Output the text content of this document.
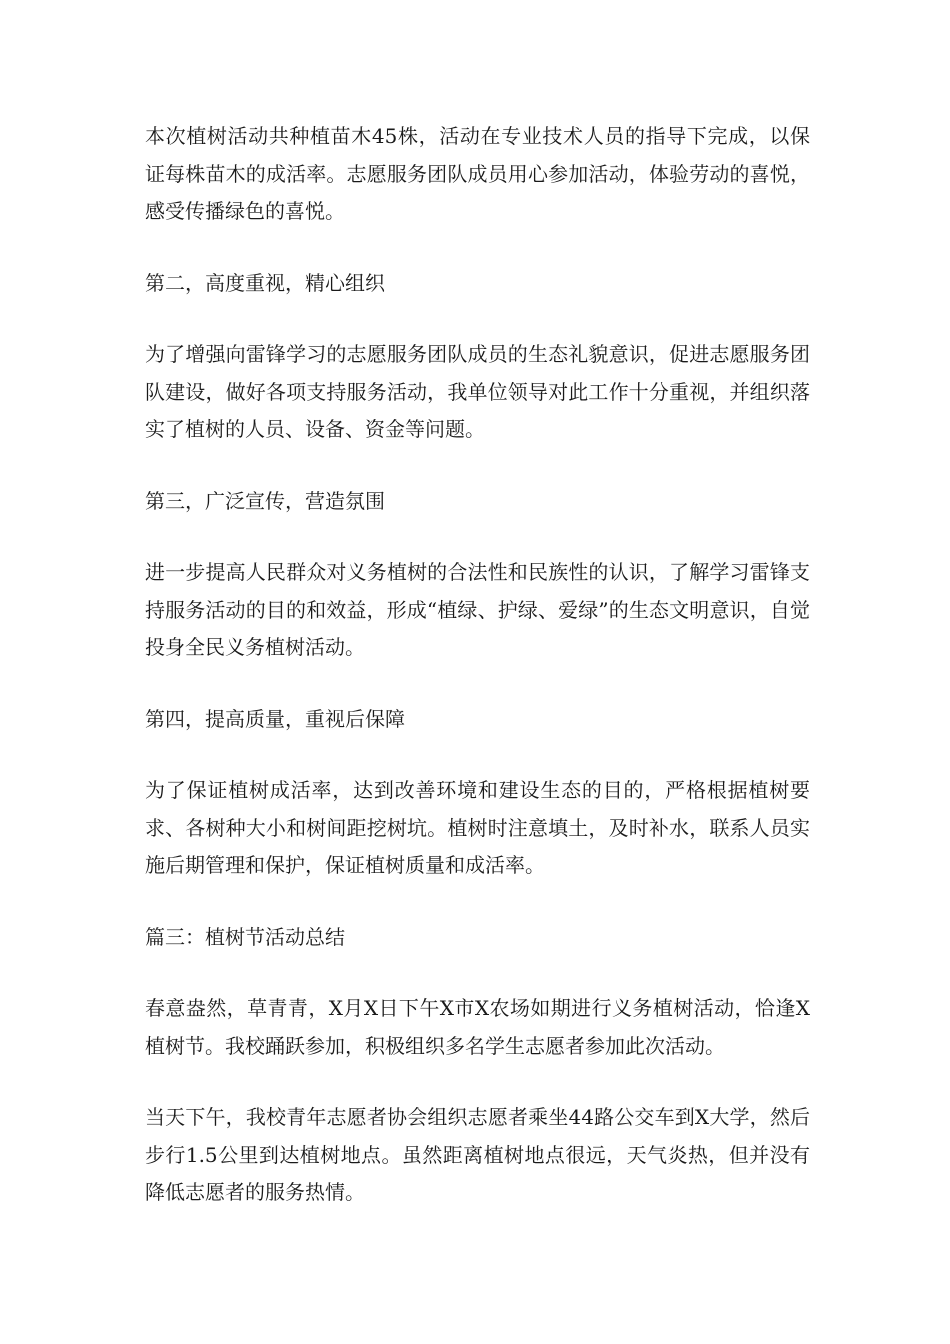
本次植树活动共种植苗木45株，活动在专业技术人员的指导下完成，以保证每株苗木的成活率。志愿服务团队成员用心参加活动，体验劳动的喜悦，感受传播绿色的喜悦。

第二，高度重视，精心组织

为了增强向雷锋学习的志愿服务团队成员的生态礼貌意识，促进志愿服务团队建设，做好各项支持服务活动，我单位领导对此工作十分重视，并组织落实了植树的人员、设备、资金等问题。

第三，广泛宣传，营造氛围

进一步提高人民群众对义务植树的合法性和民族性的认识，了解学习雷锋支持服务活动的目的和效益，形成“植绿、护绿、爱绿”的生态文明意识，自觉投身全民义务植树活动。

第四，提高质量，重视后保障

为了保证植树成活率，达到改善环境和建设生态的目的，严格根据植树要求、各树种大小和树间距挖树坑。植树时注意填土，及时补水，联系人员实施后期管理和保护，保证植树质量和成活率。

篇三：植树节活动总结

春意盎然，草青青，X月X日下午X市X农场如期进行义务植树活动，恰逢X植树节。我校踊跃参加，积极组织多名学生志愿者参加此次活动。

当天下午，我校青年志愿者协会组织志愿者乘坐44路公交车到X大学，然后步行1.5公里到达植树地点。虽然距离植树地点很远，天气炎热，但并没有降低志愿者的服务热情。
